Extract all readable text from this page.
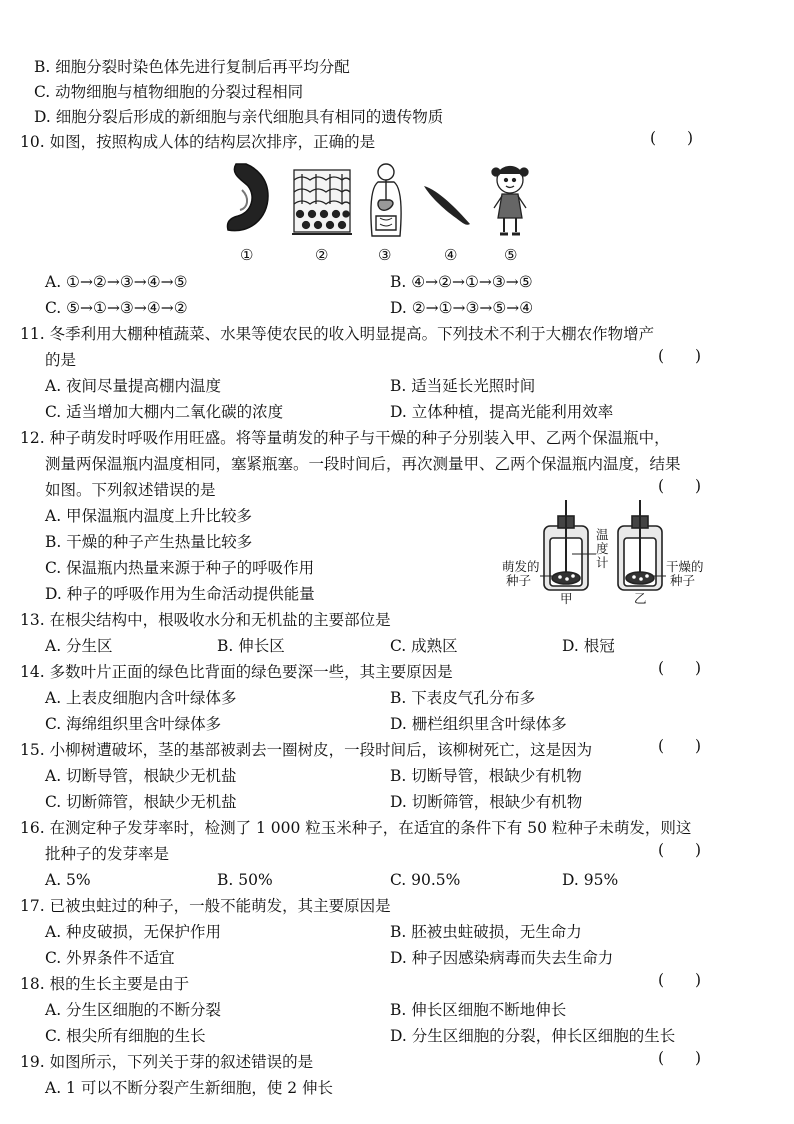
B. 细胞分裂时染色体先进行复制后再平均分配
C. 动物细胞与植物细胞的分裂过程相同
D. 细胞分裂后形成的新细胞与亲代细胞具有相同的遗传物质
10. 如图，按照构成人体的结构层次排序，正确的是	(　　)
①	②	③	④	⑤
A. ①→②→③→④→⑤	B. ④→②→①→③→⑤
C. ⑤→①→③→④→②	D. ②→①→③→⑤→④
11. 冬季利用大棚种植蔬菜、水果等使农民的收入明显提高。下列技术不利于大棚农作物增产
的是	(　　)
A. 夜间尽量提高棚内温度	B. 适当延长光照时间
C. 适当增加大棚内二氧化碳的浓度	D. 立体种植，提高光能利用效率
12. 种子萌发时呼吸作用旺盛。将等量萌发的种子与干燥的种子分别装入甲、乙两个保温瓶中，
测量两保温瓶内温度相同，塞紧瓶塞。一段时间后，再次测量甲、乙两个保温瓶内温度，结果
如图。下列叙述错误的是	(　　)
A. 甲保温瓶内温度上升比较多
B. 干燥的种子产生热量比较多
C. 保温瓶内热量来源于种子的呼吸作用
D. 种子的呼吸作用为生命活动提供能量
温
度
计
萌发的
种子
干燥的
种子
甲	乙
13. 在根尖结构中，根吸收水分和无机盐的主要部位是
A. 分生区	B. 伸长区	C. 成熟区	D. 根冠
14. 多数叶片正面的绿色比背面的绿色要深一些，其主要原因是	(　　)
A. 上表皮细胞内含叶绿体多	B. 下表皮气孔分布多
C. 海绵组织里含叶绿体多	D. 栅栏组织里含叶绿体多
15. 小柳树遭破坏，茎的基部被剥去一圈树皮，一段时间后，该柳树死亡，这是因为	(　　)
A. 切断导管，根缺少无机盐	B. 切断导管，根缺少有机物
C. 切断筛管，根缺少无机盐	D. 切断筛管，根缺少有机物
16. 在测定种子发芽率时，检测了 1 000 粒玉米种子，在适宜的条件下有 50 粒种子未萌发，则这
批种子的发芽率是	(　　)
A. 5%	B. 50%	C. 90.5%	D. 95%
17. 已被虫蛀过的种子，一般不能萌发，其主要原因是
A. 种皮破损，无保护作用	B. 胚被虫蛀破损，无生命力
C. 外界条件不适宜	D. 种子因感染病毒而失去生命力
18. 根的生长主要是由于	(　　)
A. 分生区细胞的不断分裂	B. 伸长区细胞不断地伸长
C. 根尖所有细胞的生长	D. 分生区细胞的分裂，伸长区细胞的生长
19. 如图所示，下列关于芽的叙述错误的是	(　　)
A. 1 可以不断分裂产生新细胞，使 2 伸长
